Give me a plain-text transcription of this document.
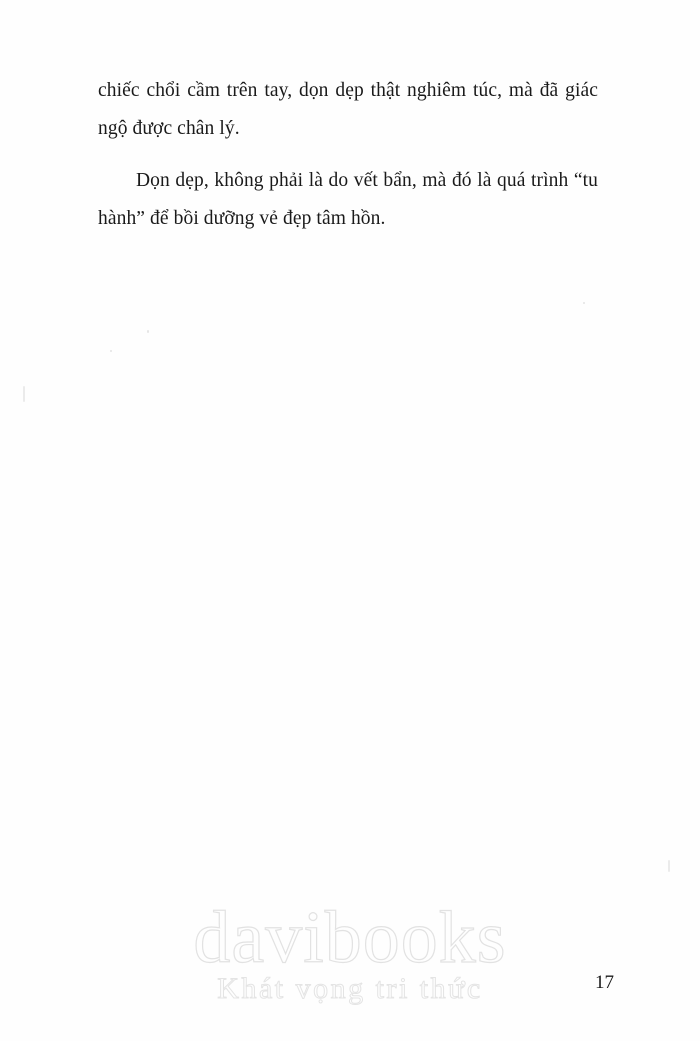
chiếc chổi cầm trên tay, dọn dẹp thật nghiêm túc, mà đã giác ngộ được chân lý.

Dọn dẹp, không phải là do vết bẩn, mà đó là quá trình “tu hành” để bồi dưỡng vẻ đẹp tâm hồn.

davibooks
Khát vọng tri thức	17
